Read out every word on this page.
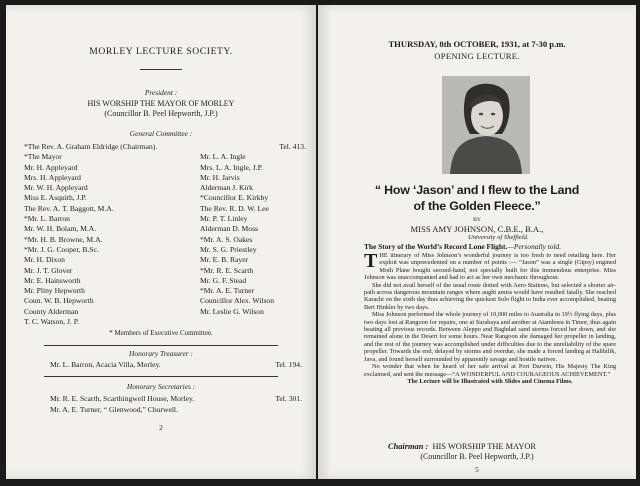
MORLEY LECTURE SOCIETY.
President :
HIS WORSHIP THE MAYOR OF MORLEY
(Councillor B. Peel Hepworth, J.P.)
General Committee :
*The Rev. A. Graham Eldridge (Chairman).	Tel. 413.
*The Mayor	Mr. L. A. Ingle
Mr. H. Appleyard	Mrs. L. A. Ingle, J.P.
Mrs. H. Appleyard	Mr. H. Jarvis
Mr. W. H. Appleyard	Alderman J. Kirk
Miss E. Asquith, J.P.	*Councillor E. Kirkby
The Rev. A. T. Baggott, M.A.	The Rev. R. D. W. Lee
*Mr. L. Barron	Mr. P. T. Linley
Mr. W. H. Bolam, M.A.	Alderman D. Moss
*Mr. H. B. Browne, M.A.	*Mr. A. S. Oakes
*Mr. J. G. Cooper, B.Sc.	Mr. S. G. Priestley
Mr. H. Dixon	Mr. E. B. Rayer
Mr. J. T. Glover	*Mr. R. E. Scarth
Mr. E. Hainsworth	Mr. G. F. Stead
Mr. Pliny Hepworth	*Mr. A. E. Turner
Coun. W. B. Hepworth	Councillor Alex. Wilson
County Alderman	Mr. Leslie G. Wilson
T. C. Watson, J. P.
* Members of Executive Committee.
Honorary Treasurer :
Mr. L. Barron, Acacia Villa, Morley.	Tel. 194.
Honorary Secretaries :
Mr. R. E. Scarth, Scarthingwell House, Morley.	Tel. 301.
Mr. A. E. Turner, “ Glenwood,” Churwell.
2
THURSDAY, 8th OCTOBER, 1931, at 7-30 p.m.
OPENING LECTURE.
“ How ‘Jason’ and I flew to the Land
of the Golden Fleece.”
BY
MISS AMY JOHNSON, C.B.E., B.A.,
University of Sheffield.
The Story of the World’s Record Lone Flight.—Personally told.

THE itinerary of Miss Johnson’s wonderful journey is too fresh to need retailing here. Her exploit was unprecedented on a number of points :— “Jason” was a single (Gipsy) engined Moth Plane bought second-hand, not specially built for this tremendous enterprise. Miss Johnson was unaccompanied and had to act as her own mechanic throughout.

She did not avail herself of the usual route dotted with Aero Stations, but selected a shorter air-path across dangerous mountain ranges where aught amiss would have resulted fatally. She reached Karachi on the sixth day thus achieving the quickest Solo flight to India ever accomplished, beating Bert Hinkler by two days.

Miss Johnson performed the whole journey of 10,000 miles to Australia in 19½ flying days, plus two days lost at Rangoon for repairs, one at Surabaya and another at Atamboea in Timor, thus again beating all previous records. Between Aleppo and Baghdad sand storms forced her down, and she remained alone in the Desert for some hours. Near Rangoon she damaged her propeller in landing, and the rest of the journey was accomplished under difficulties due to the unreliability of the spare propeller. Towards the end, delayed by storms and overdue, she made a forced landing at Halihilik, Java, and found herself surrounded by apparently savage and hostile natives.

No wonder that when he heard of her safe arrival at Port Darwin, His Majesty The King exclaimed, and sent the message—“A WONDERFUL AND COURAGEOUS ACHIEVEMENT.”

The Lecture will be Illustrated with Slides and Cinema Films.

Chairman : HIS WORSHIP THE MAYOR
(Councillor B. Peel Hepworth, J.P.)
5
